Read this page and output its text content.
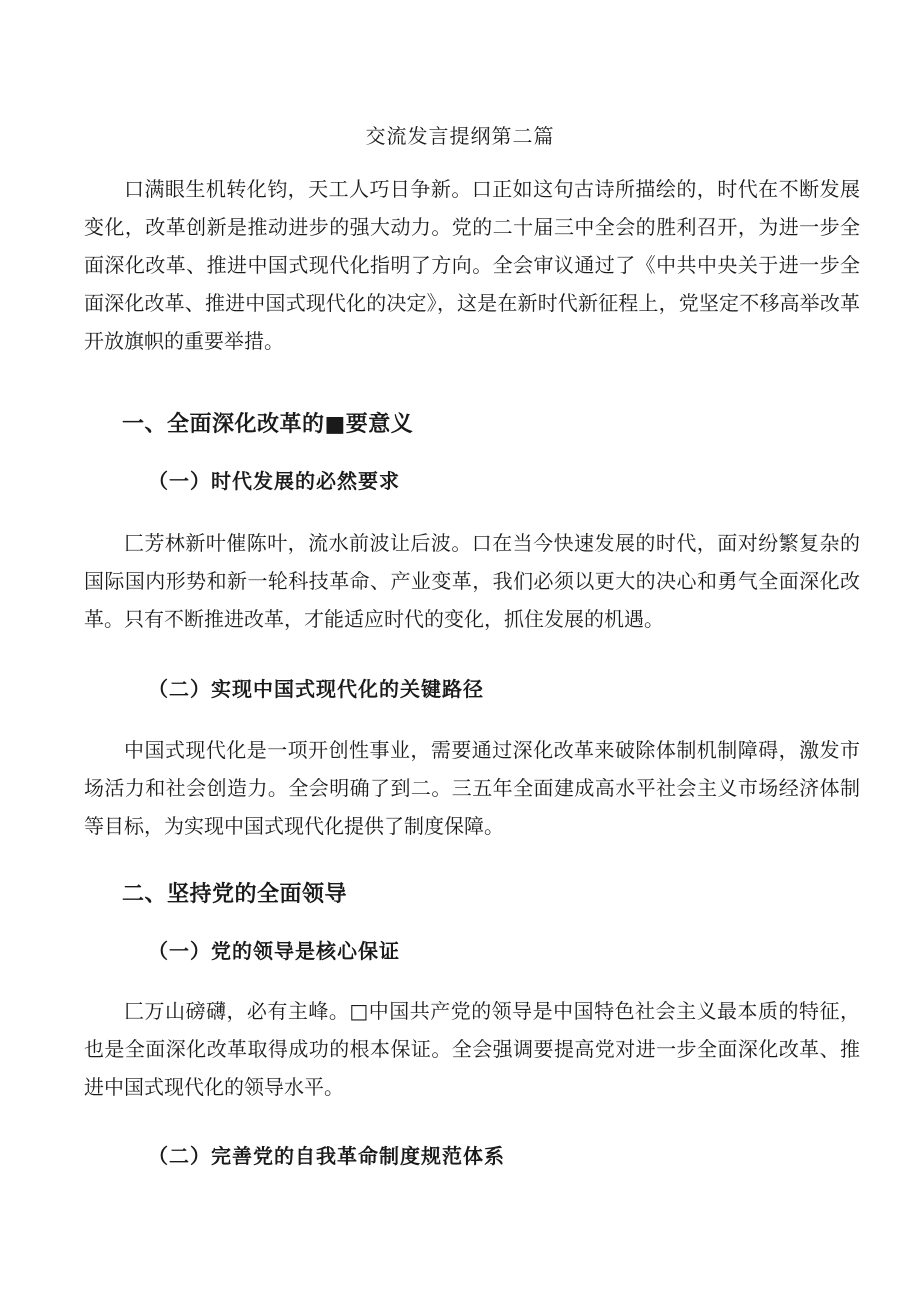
交流发言提纲第二篇

口满眼生机转化钧，天工人巧日争新。口正如这句古诗所描绘的，时代在不断发展变化，改革创新是推动进步的强大动力。党的二十届三中全会的胜利召开，为进一步全面深化改革、推进中国式现代化指明了方向。全会审议通过了《中共中央关于进一步全面深化改革、推进中国式现代化的决定》，这是在新时代新征程上，党坚定不移高举改革开放旗帜的重要举措。

一、全面深化改革的■要意义
（一）时代发展的必然要求

匚芳林新叶催陈叶，流水前波让后波。口在当今快速发展的时代，面对纷繁复杂的国际国内形势和新一轮科技革命、产业变革，我们必须以更大的决心和勇气全面深化改革。只有不断推进改革，才能适应时代的变化，抓住发展的机遇。

（二）实现中国式现代化的关键路径

中国式现代化是一项开创性事业，需要通过深化改革来破除体制机制障碍，激发市场活力和社会创造力。全会明确了到二。三五年全面建成高水平社会主义市场经济体制等目标，为实现中国式现代化提供了制度保障。

二、坚持党的全面领导
（一）党的领导是核心保证

匚万山磅礴，必有主峰。□中国共产党的领导是中国特色社会主义最本质的特征，也是全面深化改革取得成功的根本保证。全会强调要提高党对进一步全面深化改革、推进中国式现代化的领导水平。

（二）完善党的自我革命制度规范体系
